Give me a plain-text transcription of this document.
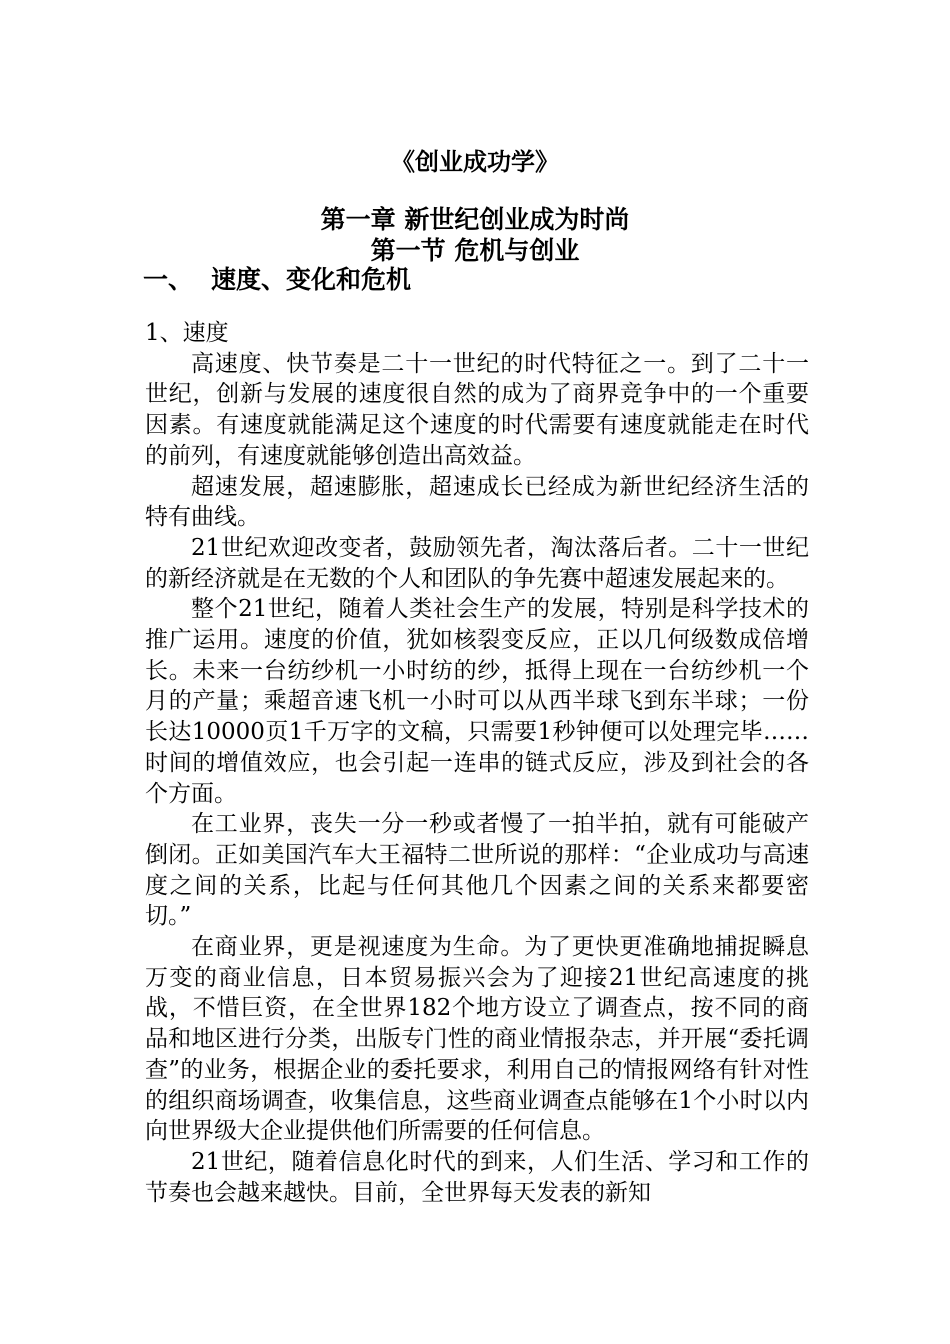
《创业成功学》
第一章 新世纪创业成为时尚
第一节 危机与创业
一、 速度、变化和危机

1、速度

高速度、快节奏是二十一世纪的时代特征之一。到了二十一世纪，创新与发展的速度很自然的成为了商界竞争中的一个重要因素。有速度就能满足这个速度的时代需要有速度就能走在时代的前列，有速度就能够创造出高效益。

超速发展，超速膨胀，超速成长已经成为新世纪经济生活的特有曲线。

21世纪欢迎改变者，鼓励领先者，淘汰落后者。二十一世纪的新经济就是在无数的个人和团队的争先赛中超速发展起来的。

整个21世纪，随着人类社会生产的发展，特别是科学技术的推广运用。速度的价值，犹如核裂变反应，正以几何级数成倍增长。未来一台纺纱机一小时纺的纱，抵得上现在一台纺纱机一个月的产量；乘超音速飞机一小时可以从西半球飞到东半球；一份长达10000页1千万字的文稿，只需要1秒钟便可以处理完毕……时间的增值效应，也会引起一连串的链式反应，涉及到社会的各个方面。

在工业界，丧失一分一秒或者慢了一拍半拍，就有可能破产倒闭。正如美国汽车大王福特二世所说的那样：“企业成功与高速度之间的关系，比起与任何其他几个因素之间的关系来都要密切。”

在商业界，更是视速度为生命。为了更快更准确地捕捉瞬息万变的商业信息，日本贸易振兴会为了迎接21世纪高速度的挑战，不惜巨资，在全世界182个地方设立了调查点，按不同的商品和地区进行分类，出版专门性的商业情报杂志，并开展“委托调查”的业务，根据企业的委托要求，利用自己的情报网络有针对性的组织商场调查，收集信息，这些商业调查点能够在1个小时以内向世界级大企业提供他们所需要的任何信息。

21世纪，随着信息化时代的到来，人们生活、学习和工作的节奏也会越来越快。目前，全世界每天发表的新知
